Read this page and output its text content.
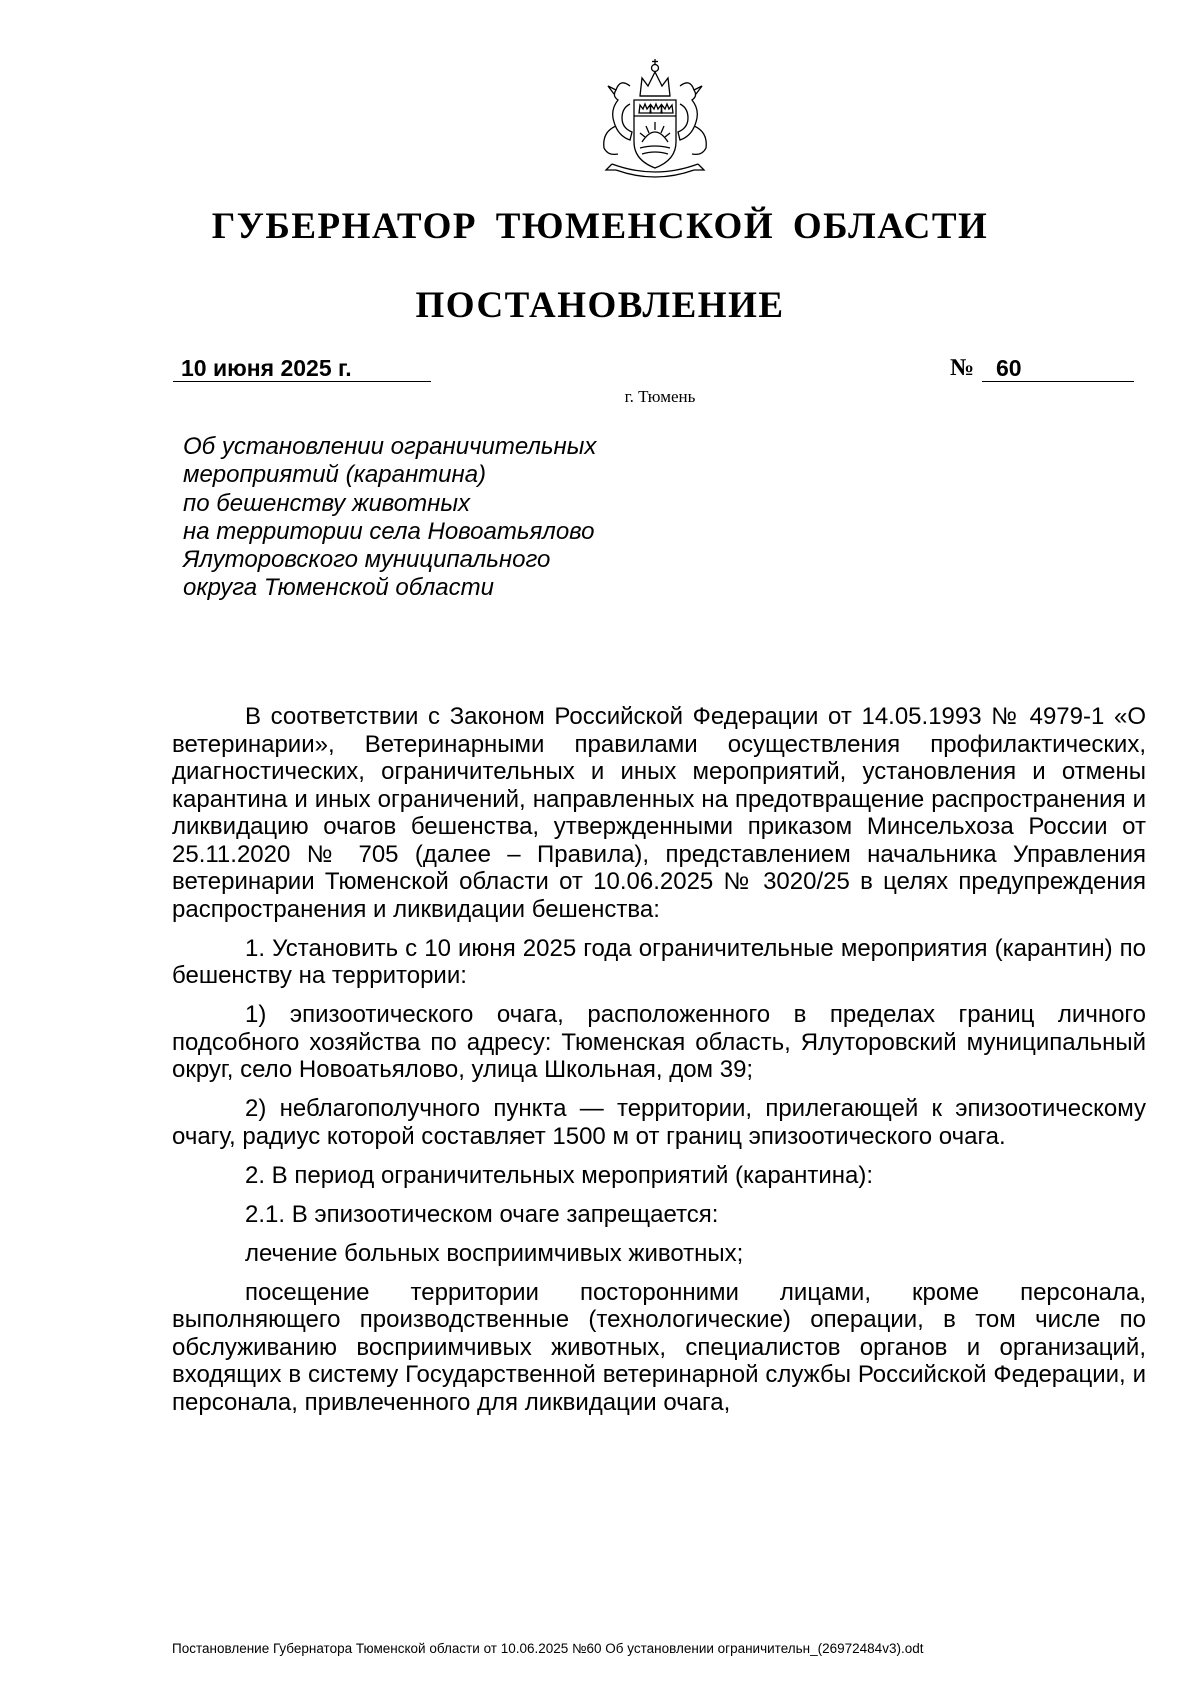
ГУБЕРНАТОР ТЮМЕНСКОЙ ОБЛАСТИ
ПОСТАНОВЛЕНИЕ
10 июня 2025 г.	№ 60
г. Тюмень
Об установлении ограничительных
мероприятий (карантина)
по бешенству животных
на территории села Новоатьялово
Ялуторовского муниципального
округа Тюменской области

В соответствии с Законом Российской Федерации от 14.05.1993 № 4979-1 «О ветеринарии», Ветеринарными правилами осуществления профилактических, диагностических, ограничительных и иных мероприятий, установления и отмены карантина и иных ограничений, направленных на предотвращение распространения и ликвидацию очагов бешенства, утвержденными приказом Минсельхоза России от 25.11.2020 № 705 (далее – Правила), представлением начальника Управления ветеринарии Тюменской области от 10.06.2025 № 3020/25 в целях предупреждения распространения и ликвидации бешенства:

1. Установить с 10 июня 2025 года ограничительные мероприятия (карантин) по бешенству на территории:

1) эпизоотического очага, расположенного в пределах границ личного подсобного хозяйства по адресу: Тюменская область, Ялуторовский муниципальный округ, село Новоатьялово, улица Школьная, дом 39;

2) неблагополучного пункта — территории, прилегающей к эпизоотическому очагу, радиус которой составляет 1500 м от границ эпизоотического очага.

2. В период ограничительных мероприятий (карантина):

2.1. В эпизоотическом очаге запрещается:

лечение больных восприимчивых животных;

посещение территории посторонними лицами, кроме персонала, выполняющего производственные (технологические) операции, в том числе по обслуживанию восприимчивых животных, специалистов органов и организаций, входящих в систему Государственной ветеринарной службы Российской Федерации, и персонала, привлеченного для ликвидации очага,

Постановление Губернатора Тюменской области от 10.06.2025 №60 Об установлении ограничительн_(26972484v3).odt
